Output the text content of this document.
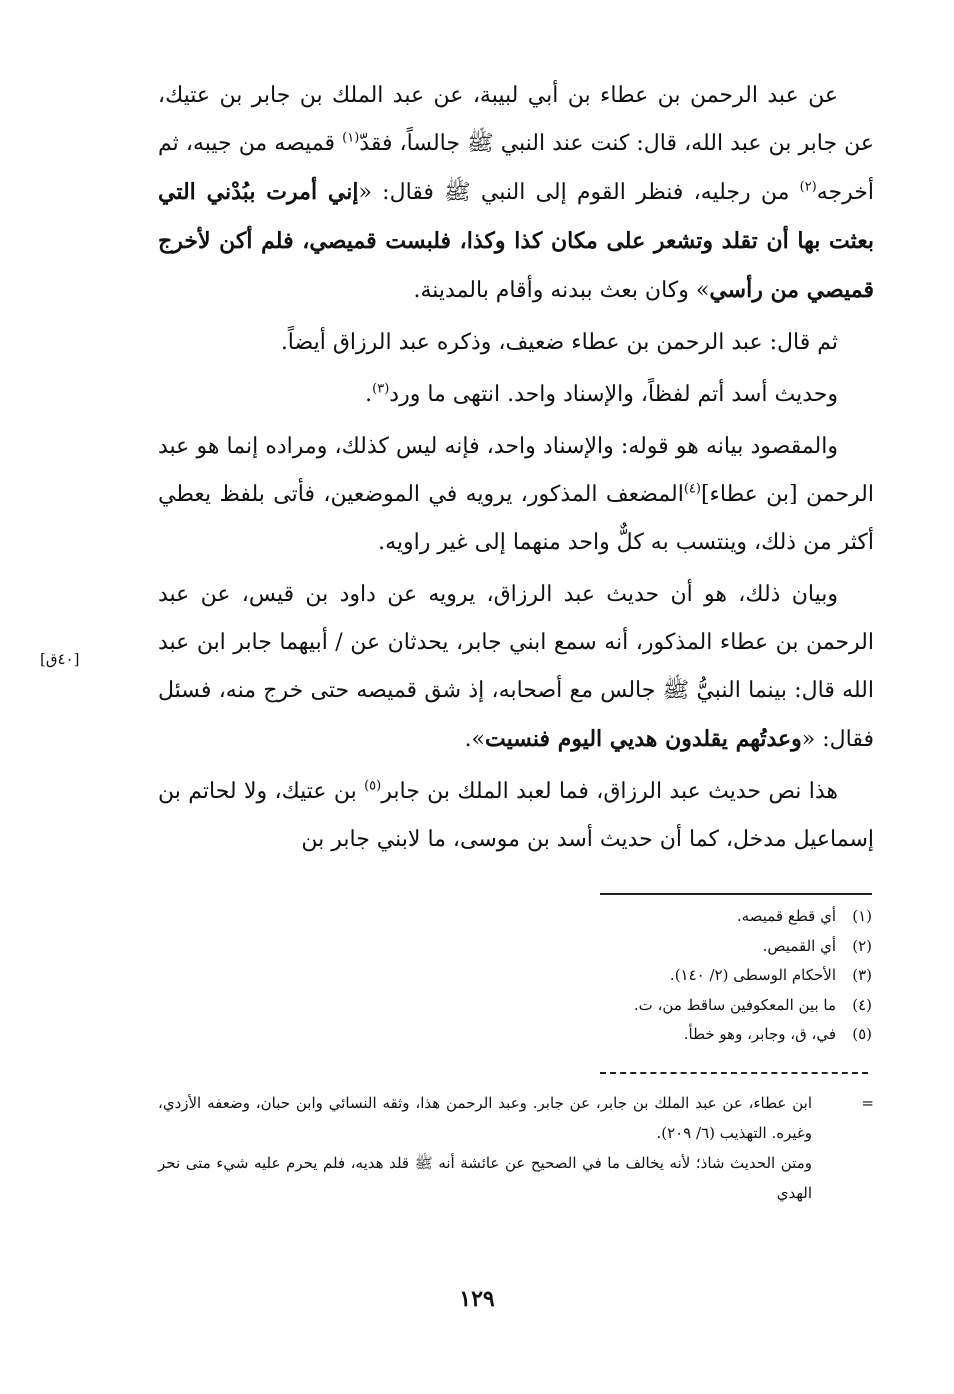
عن عبد الرحمن بن عطاء بن أبي لبيبة، عن عبد الملك بن جابر بن عتيك، عن جابر بن عبد الله، قال: كنت عند النبي ﷺ جالساً، فقدّ$^{(١)}$ قميصه من جيبه، ثم أخرجه$^{(٢)}$ من رجليه، فنظر القوم إلى النبي ﷺ فقال: «إني أمرت ببُدْني التي بعثت بها أن تقلد وتشعر على مكان كذا وكذا، فلبست قميصي، فلم أكن لأخرج قميصي من رأسي» وكان بعث ببدنه وأقام بالمدينة.

ثم قال: عبد الرحمن بن عطاء ضعيف، وذكره عبد الرزاق أيضاً.

وحديث أسد أتم لفظاً، والإسناد واحد. انتهى ما ورد$^{(٣)}$.

والمقصود بيانه هو قوله: والإسناد واحد، فإنه ليس كذلك، ومراده إنما هو عبد الرحمن [بن عطاء]$^{(٤)}$المضعف المذكور، يرويه في الموضعين، فأتى بلفظ يعطي أكثر من ذلك، وينتسب به كلٌّ واحد منهما إلى غير راويه.

وبيان ذلك، هو أن حديث عبد الرزاق، يرويه عن داود بن قيس، عن عبد الرحمن بن عطاء المذكور، أنه سمع ابني جابر، يحدثان عن / أبيهما جابر ابن عبد الله قال: بينما النبيُّ ﷺ جالس مع أصحابه، إذ شق قميصه حتى خرج منه، فسئل فقال: «وعدتُهم يقلدون هديي اليوم فنسيت».

هذا نص حديث عبد الرزاق، فما لعبد الملك بن جابر$^{(٥)}$ بن عتيك، ولا لحاتم بن إسماعيل مدخل، كما أن حديث أسد بن موسى، ما لابني جابر بن

[٤٠ق]
(١)أي قطع قميصه.
(٢)أي القميص.
(٣)الأحكام الوسطى (٢/ ١٤٠).
(٤)ما بين المعكوفين ساقط من، ت.
(٥)في، ق، وجابر، وهو خطأ.
=
ابن عطاء، عن عبد الملك بن جابر، عن جابر. وعبد الرحمن هذا، وثقه النسائي وابن حبان، وضعفه الأزدي، وغيره. التهذيب (٦/ ٢٠٩).
ومتن الحديث شاذ؛ لأنه يخالف ما في الصحيح عن عائشة أنه ﷺ قلد هديه، فلم يحرم عليه شيء متى نحر الهدي
١٢٩
